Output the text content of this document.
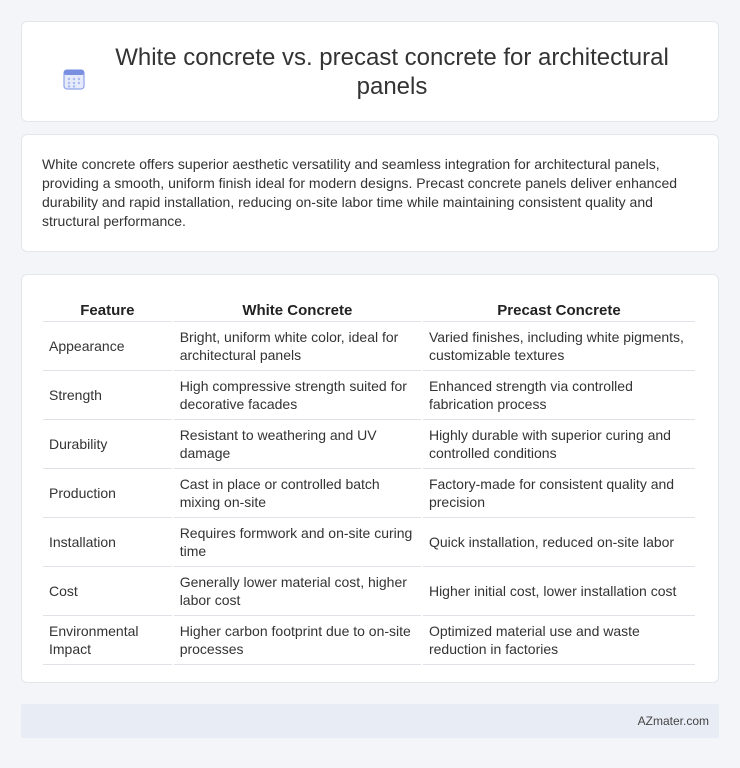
White concrete vs. precast concrete for architectural panels

White concrete offers superior aesthetic versatility and seamless integration for architectural panels, providing a smooth, uniform finish ideal for modern designs. Precast concrete panels deliver enhanced durability and rapid installation, reducing on-site labor time while maintaining consistent quality and structural performance.

Feature	White Concrete	Precast Concrete
Appearance	Bright, uniform white color, ideal for architectural panels	Varied finishes, including white pigments, customizable textures
Strength	High compressive strength suited for decorative facades	Enhanced strength via controlled fabrication process
Durability	Resistant to weathering and UV damage	Highly durable with superior curing and controlled conditions
Production	Cast in place or controlled batch mixing on-site	Factory-made for consistent quality and precision
Installation	Requires formwork and on-site curing time	Quick installation, reduced on-site labor
Cost	Generally lower material cost, higher labor cost	Higher initial cost, lower installation cost
Environmental Impact	Higher carbon footprint due to on-site processes	Optimized material use and waste reduction in factories
AZmater.com
